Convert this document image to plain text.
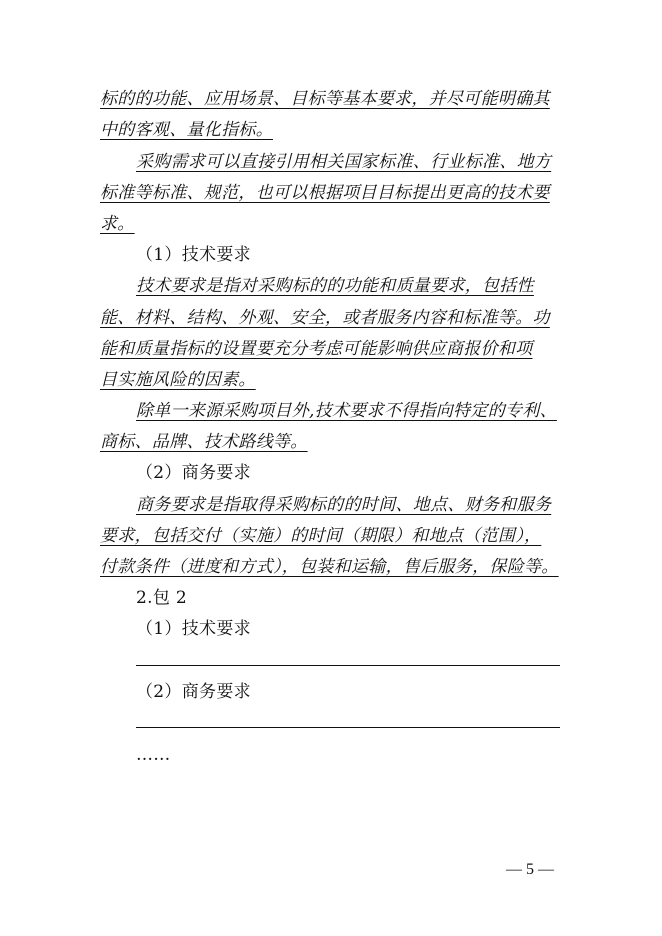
标的的功能、应用场景、目标等基本要求，并尽可能明确其
中的客观、量化指标。
采购需求可以直接引用相关国家标准、行业标准、地方
标准等标准、规范，也可以根据项目目标提出更高的技术要
求。
（1）技术要求
技术要求是指对采购标的的功能和质量要求，包括性
能、材料、结构、外观、安全，或者服务内容和标准等。功
能和质量指标的设置要充分考虑可能影响供应商报价和项
目实施风险的因素。
除单一来源采购项目外,技术要求不得指向特定的专利、
商标、品牌、技术路线等。
（2）商务要求
商务要求是指取得采购标的的时间、地点、财务和服务
要求，包括交付（实施）的时间（期限）和地点（范围），
付款条件（进度和方式），包装和运输，售后服务，保险等。
2.包 2
（1）技术要求
（2）商务要求
……
— 5 —
